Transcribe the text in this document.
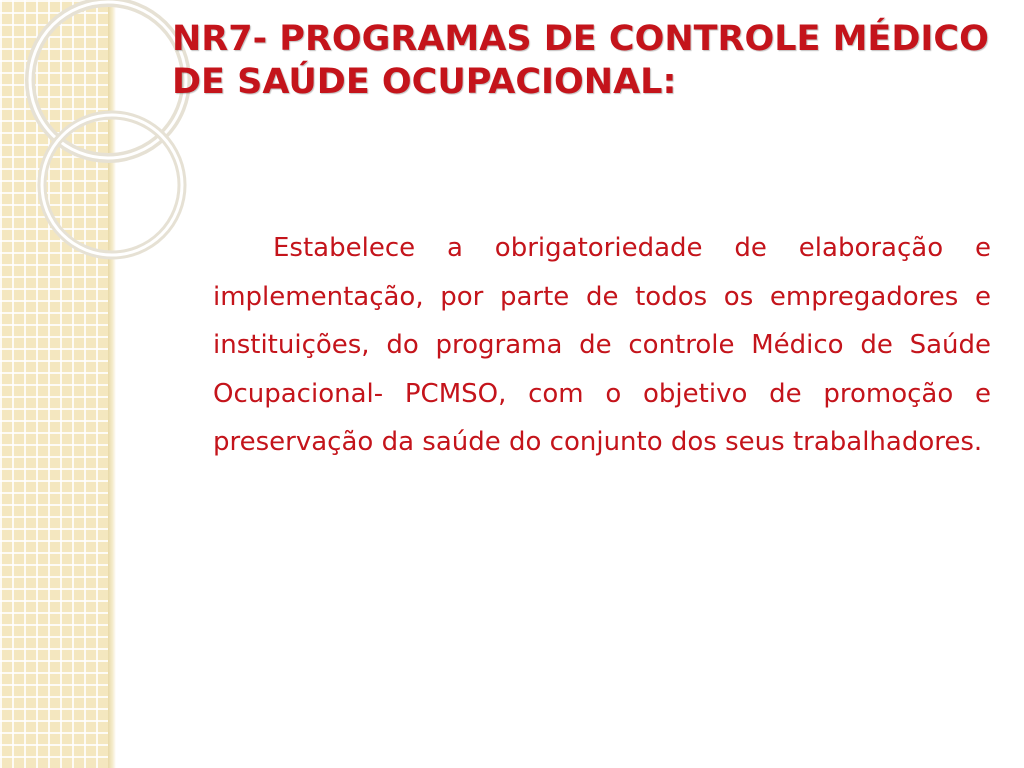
NR7- PROGRAMAS DE CONTROLE MÉDICO DE SAÚDE OCUPACIONAL:

Estabelece a obrigatoriedade de elaboração e implementação, por parte de todos os empregadores e instituições, do programa de controle Médico de Saúde Ocupacional- PCMSO, com o objetivo de promoção e preservação da saúde do conjunto dos seus trabalhadores.
